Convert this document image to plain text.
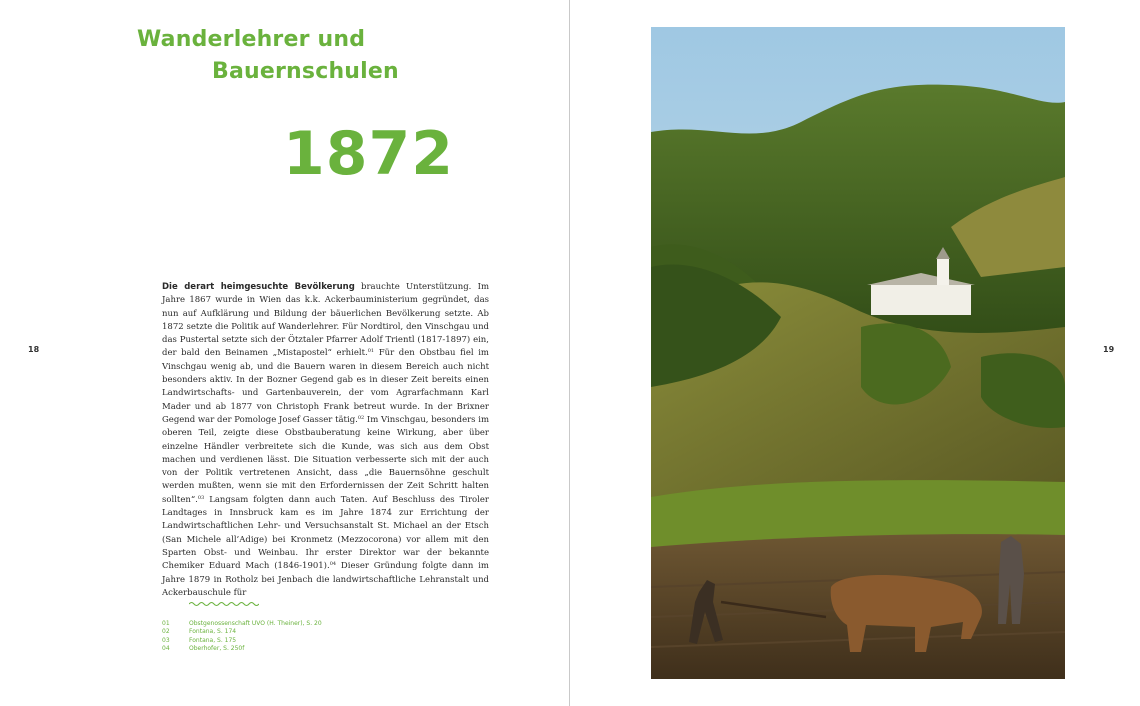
Wanderlehrer und
Bauernschulen
1872
18

Die derart heimgesuchte Bevölkerung brauchte Unterstützung. Im Jahre 1867 wurde in Wien das k.k. Ackerbauministerium gegründet, das nun auf Aufklärung und Bildung der bäuerlichen Bevölkerung setzte. Ab 1872 setzte die Politik auf Wanderlehrer. Für Nordtirol, den Vinschgau und das Pustertal setzte sich der Ötztaler Pfarrer Adolf Trientl (1817-1897) ein, der bald den Beinamen „Mistapostel“ erhielt.$^{01}$ Für den Obstbau fiel im Vinschgau wenig ab, und die Bauern waren in diesem Bereich auch nicht besonders aktiv. In der Bozner Gegend gab es in dieser Zeit bereits einen Landwirtschafts- und Gartenbauverein, der vom Agrarfachmann Karl Mader und ab 1877 von Christoph Frank betreut wurde. In der Brixner Gegend war der Pomologe Josef Gasser tätig.$^{02}$ Im Vinschgau, besonders im oberen Teil, zeigte diese Obstbauberatung keine Wirkung, aber über einzelne Händler verbreitete sich die Kunde, was sich aus dem Obst machen und verdienen lässt. Die Situation verbesserte sich mit der auch von der Politik vertretenen Ansicht, dass „die Bauernsöhne geschult werden mußten, wenn sie mit den Erfordernissen der Zeit Schritt halten sollten“.$^{03}$ Langsam folgten dann auch Taten. Auf Beschluss des Tiroler Landtages in Innsbruck kam es im Jahre 1874 zur Errichtung der Landwirtschaftlichen Lehr- und Versuchsanstalt St. Michael an der Etsch (San Michele all’Adige) bei Kronmetz (Mezzocorona) vor allem mit den Sparten Obst- und Weinbau. Ihr erster Direktor war der bekannte Chemiker Eduard Mach (1846-1901).$^{04}$ Dieser Gründung folgte dann im Jahre 1879 in Rotholz bei Jenbach die landwirtschaftliche Lehranstalt und Ackerbauschule für

01	Obstgenossenschaft UVO (H. Theiner), S. 20
02	Fontana, S. 174
03	Fontana, S. 175
04	Oberhofer, S. 250f
19
